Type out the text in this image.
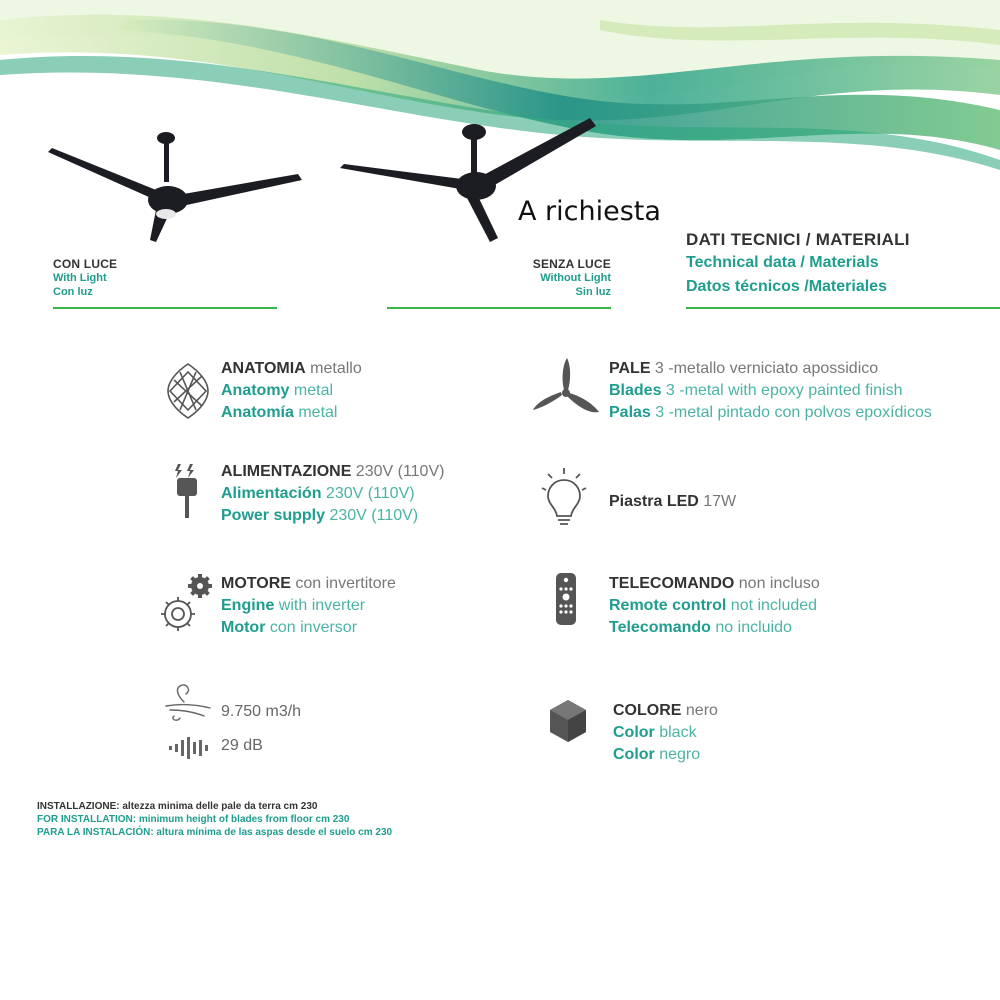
A richiesta
CON LUCE
With Light
Con luz
SENZA LUCE
Without Light
Sin luz
DATI TECNICI / MATERIALI
Technical data / Materials
Datos técnicos /Materiales
ANATOMIA metallo
Anatomy metal
Anatomía metal
PALE 3 -metallo verniciato apossidico
Blades 3 -metal with epoxy painted finish
Palas 3 -metal pintado con polvos epoxídicos
ALIMENTAZIONE 230V (110V)
Alimentación 230V (110V)
Power supply 230V (110V)
Piastra LED 17W
MOTORE con invertitore
Engine with inverter
Motor con inversor
TELECOMANDO non incluso
Remote control not included
Telecomando no incluido
9.750 m3/h
29 dB
COLORE nero
Color black
Color negro
INSTALLAZIONE: altezza minima delle pale da terra cm 230
FOR INSTALLATION: minimum height of blades from floor cm 230
PARA LA INSTALACIÓN: altura mínima de las aspas desde el suelo cm 230
